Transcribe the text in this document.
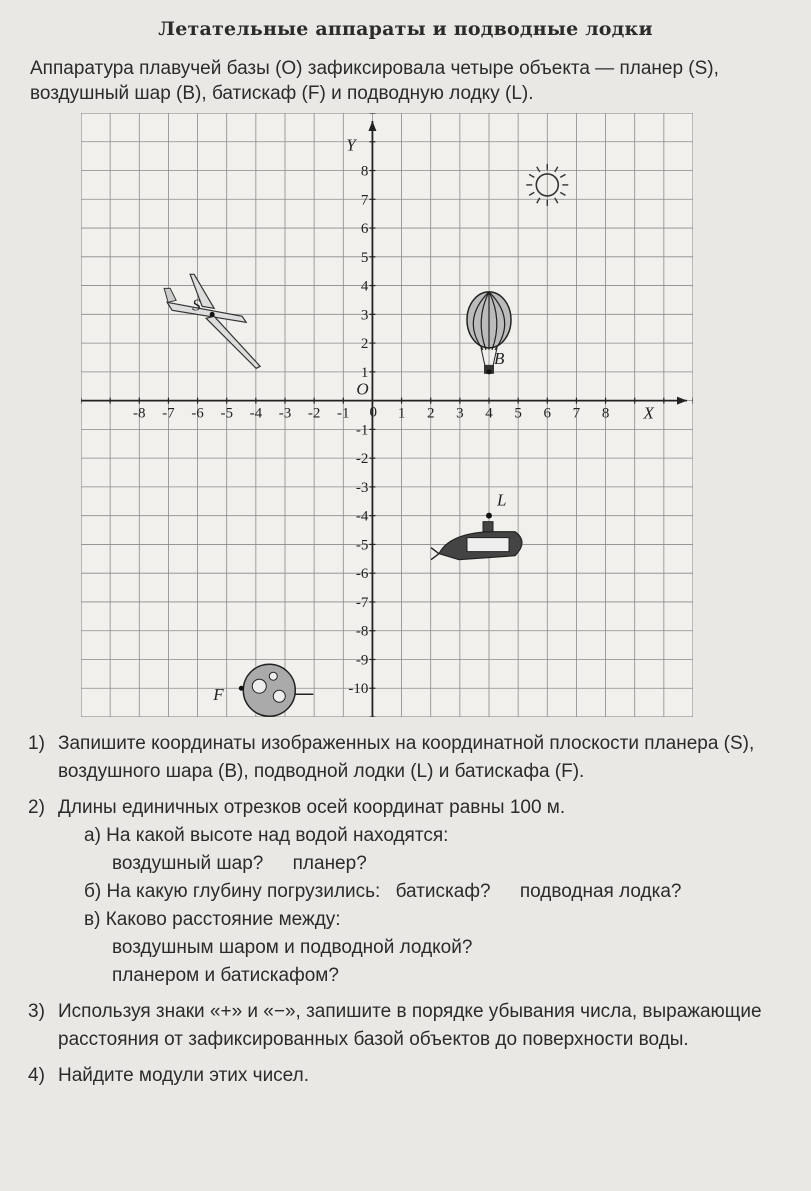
Летательные аппараты и подводные лодки
Аппаратура плавучей базы (O) зафиксировала четыре объекта — планер (S), воздушный шар (B), батискаф (F) и подводную лодку (L).
X
Y
O
0
-8 -7 -6 -5 -4 -3 -2 -1	1 2 3 4 5 6 7 8
8
7
6
5
4
3
2
1
-1
-2
-3
-4
-5
-6
-7
-8
-9
-10
S
B
L
F
1) Запишите координаты изображенных на координатной плоскости планера (S), воздушного шара (B), подводной лодки (L) и батискафа (F).
2) Длины единичных отрезков осей координат равны 100 м.
а) На какой высоте над водой находятся:
воздушный шар? планер?
б) На какую глубину погрузились: батискаф? подводная лодка?
в) Каково расстояние между:
воздушным шаром и подводной лодкой?
планером и батискафом?
3) Используя знаки «+» и «−», запишите в порядке убывания числа, выражающие расстояния от зафиксированных базой объектов до поверхности воды.
4) Найдите модули этих чисел.
